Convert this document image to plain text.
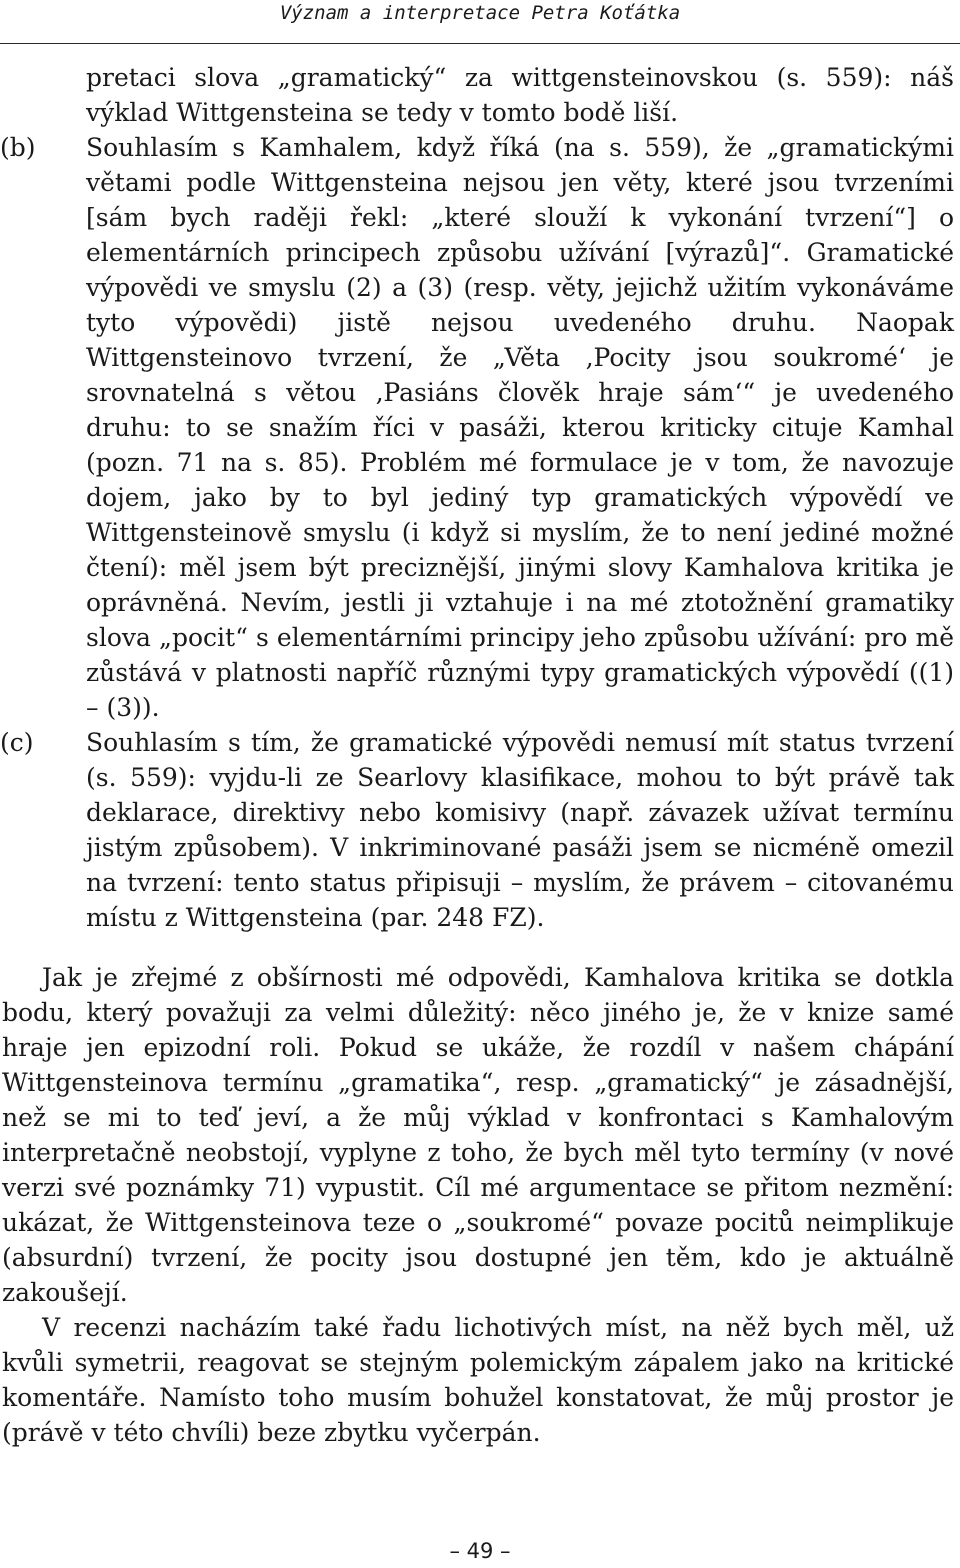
Význam a interpretace Petra Koťátka
pretaci slova „gramatický“ za wittgensteinovskou (s. 559): náš výklad Wittgensteina se tedy v tomto bodě liší.
(b)	Souhlasím s Kamhalem, když říká (na s. 559), že „gramatickými větami podle Wittgensteina nejsou jen věty, které jsou tvrzeními [sám bych raději řekl: „které slouží k vykonání tvrzení“] o elementárních principech způsobu užívání [výrazů]“. Gramatické výpovědi ve smyslu (2) a (3) (resp. věty, jejichž užitím vykonáváme tyto výpovědi) jistě nejsou uvedeného druhu. Naopak Wittgensteinovo tvrzení, že „Věta ‚Pocity jsou soukromé‘ je srovnatelná s větou ‚Pasiáns člověk hraje sám‘“ je uvedeného druhu: to se snažím říci v pasáži, kterou kriticky cituje Kamhal (pozn. 71 na s. 85). Problém mé formulace je v tom, že navozuje dojem, jako by to byl jediný typ gramatických výpovědí ve Wittgensteinově smyslu (i když si myslím, že to není jediné možné čtení): měl jsem být preciznější, jinými slovy Kamhalova kritika je oprávněná. Nevím, jestli ji vztahuje i na mé ztotožnění gramatiky slova „pocit“ s elementárními principy jeho způsobu užívání: pro mě zůstává v platnosti napříč různými typy gramatických výpovědí ((1) – (3)).
(c)	Souhlasím s tím, že gramatické výpovědi nemusí mít status tvrzení (s. 559): vyjdu-li ze Searlovy klasifikace, mohou to být právě tak deklarace, direktivy nebo komisivy (např. závazek užívat termínu jistým způsobem). V inkriminované pasáži jsem se nicméně omezil na tvrzení: tento status připisuji – myslím, že právem – citovanému místu z Wittgensteina (par. 248 FZ).

Jak je zřejmé z obšírnosti mé odpovědi, Kamhalova kritika se dotkla bodu, který považuji za velmi důležitý: něco jiného je, že v knize samé hraje jen epizodní roli. Pokud se ukáže, že rozdíl v našem chápání Wittgensteinova termínu „gramatika“, resp. „gramatický“ je zásadnější, než se mi to teď jeví, a že můj výklad v konfrontaci s Kamhalovým interpretačně neobstojí, vyplyne z toho, že bych měl tyto termíny (v nové verzi své poznámky 71) vypustit. Cíl mé argumentace se přitom nezmění: ukázat, že Wittgensteinova teze o „soukromé“ povaze pocitů neimplikuje (absurdní) tvrzení, že pocity jsou dostupné jen těm, kdo je aktuálně zakoušejí.

V recenzi nacházím také řadu lichotivých míst, na něž bych měl, už kvůli symetrii, reagovat se stejným polemickým zápalem jako na kritické komentáře. Namísto toho musím bohužel konstatovat, že můj prostor je (právě v této chvíli) beze zbytku vyčerpán.

– 49 –
